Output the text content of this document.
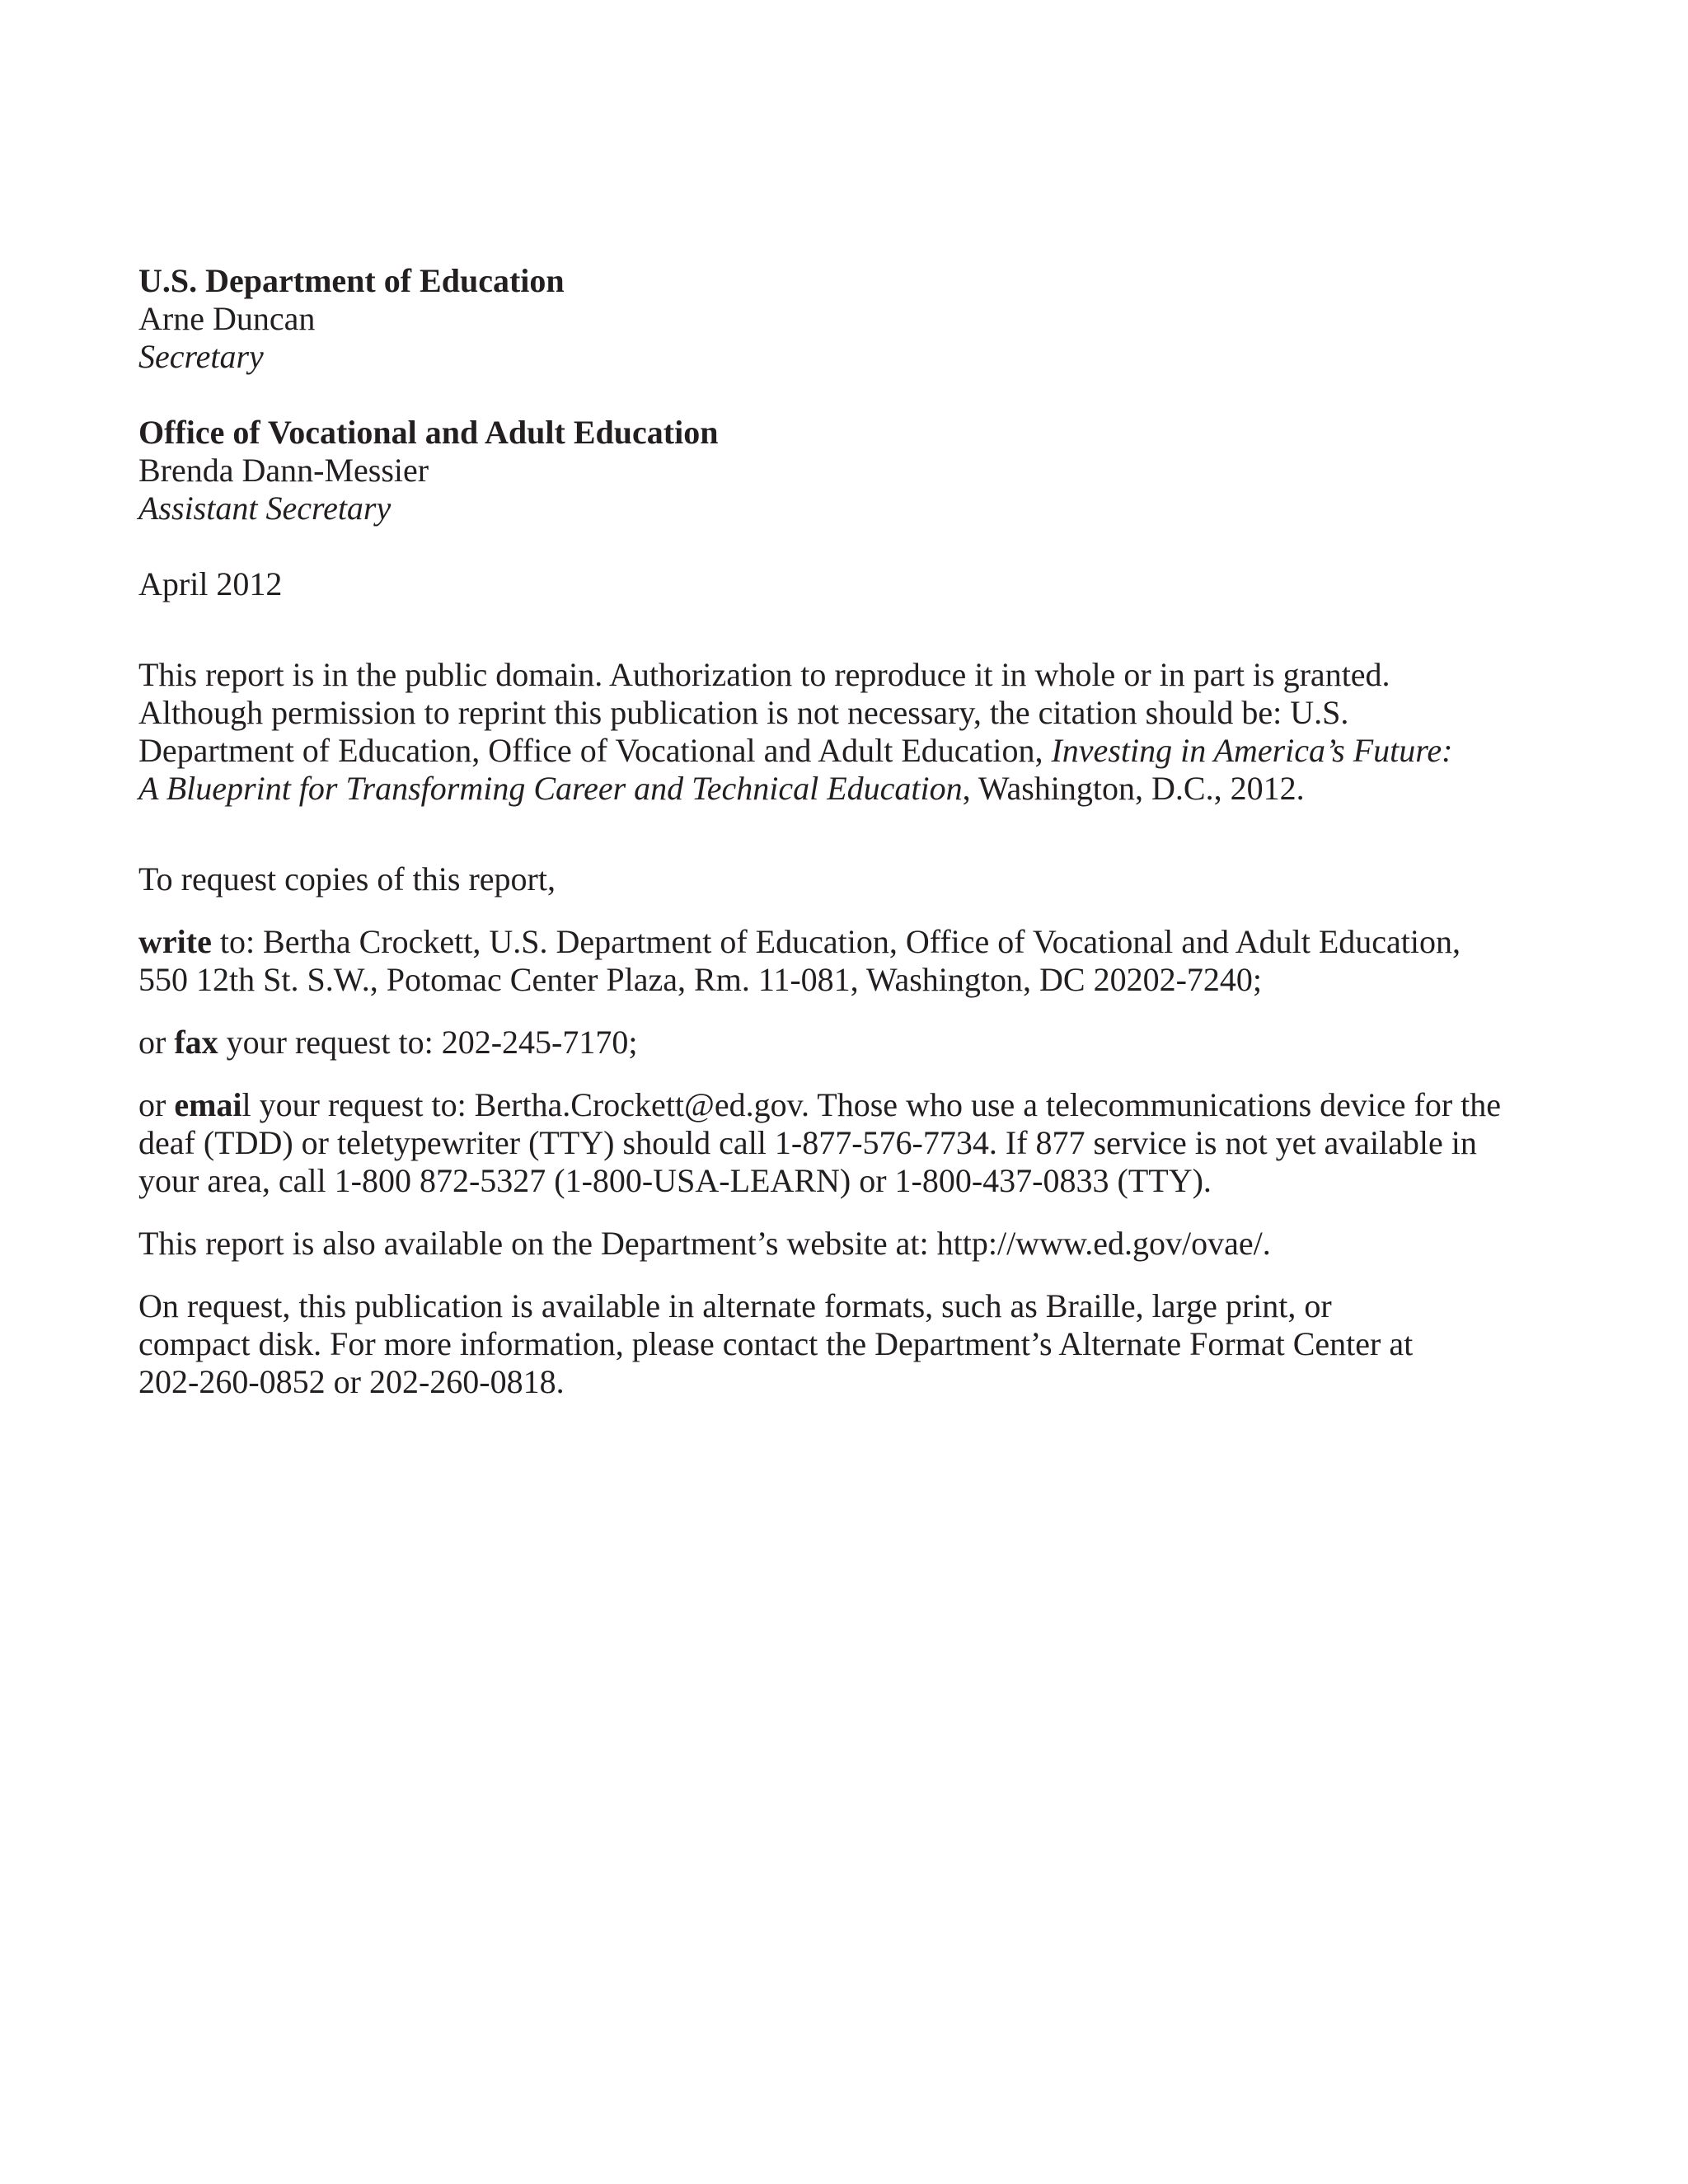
U.S. Department of Education
Arne Duncan
Secretary
Office of Vocational and Adult Education
Brenda Dann-Messier
Assistant Secretary
April 2012
This report is in the public domain. Authorization to reproduce it in whole or in part is granted.
Although permission to reprint this publication is not necessary, the citation should be: U.S.
Department of Education, Office of Vocational and Adult Education, Investing in America’s Future:
A Blueprint for Transforming Career and Technical Education, Washington, D.C., 2012.
To request copies of this report,
write to: Bertha Crockett, U.S. Department of Education, Office of Vocational and Adult Education,
550 12th St. S.W., Potomac Center Plaza, Rm. 11-081, Washington, DC 20202-7240;
or fax your request to: 202-245-7170;
or email your request to: Bertha.Crockett@ed.gov. Those who use a telecommunications device for the
deaf (TDD) or teletypewriter (TTY) should call 1-877-576-7734. If 877 service is not yet available in
your area, call 1-800 872-5327 (1-800-USA-LEARN) or 1-800-437-0833 (TTY).
This report is also available on the Department’s website at: http://www.ed.gov/ovae/.
On request, this publication is available in alternate formats, such as Braille, large print, or
compact disk. For more information, please contact the Department’s Alternate Format Center at
202-260-0852 or 202-260-0818.
